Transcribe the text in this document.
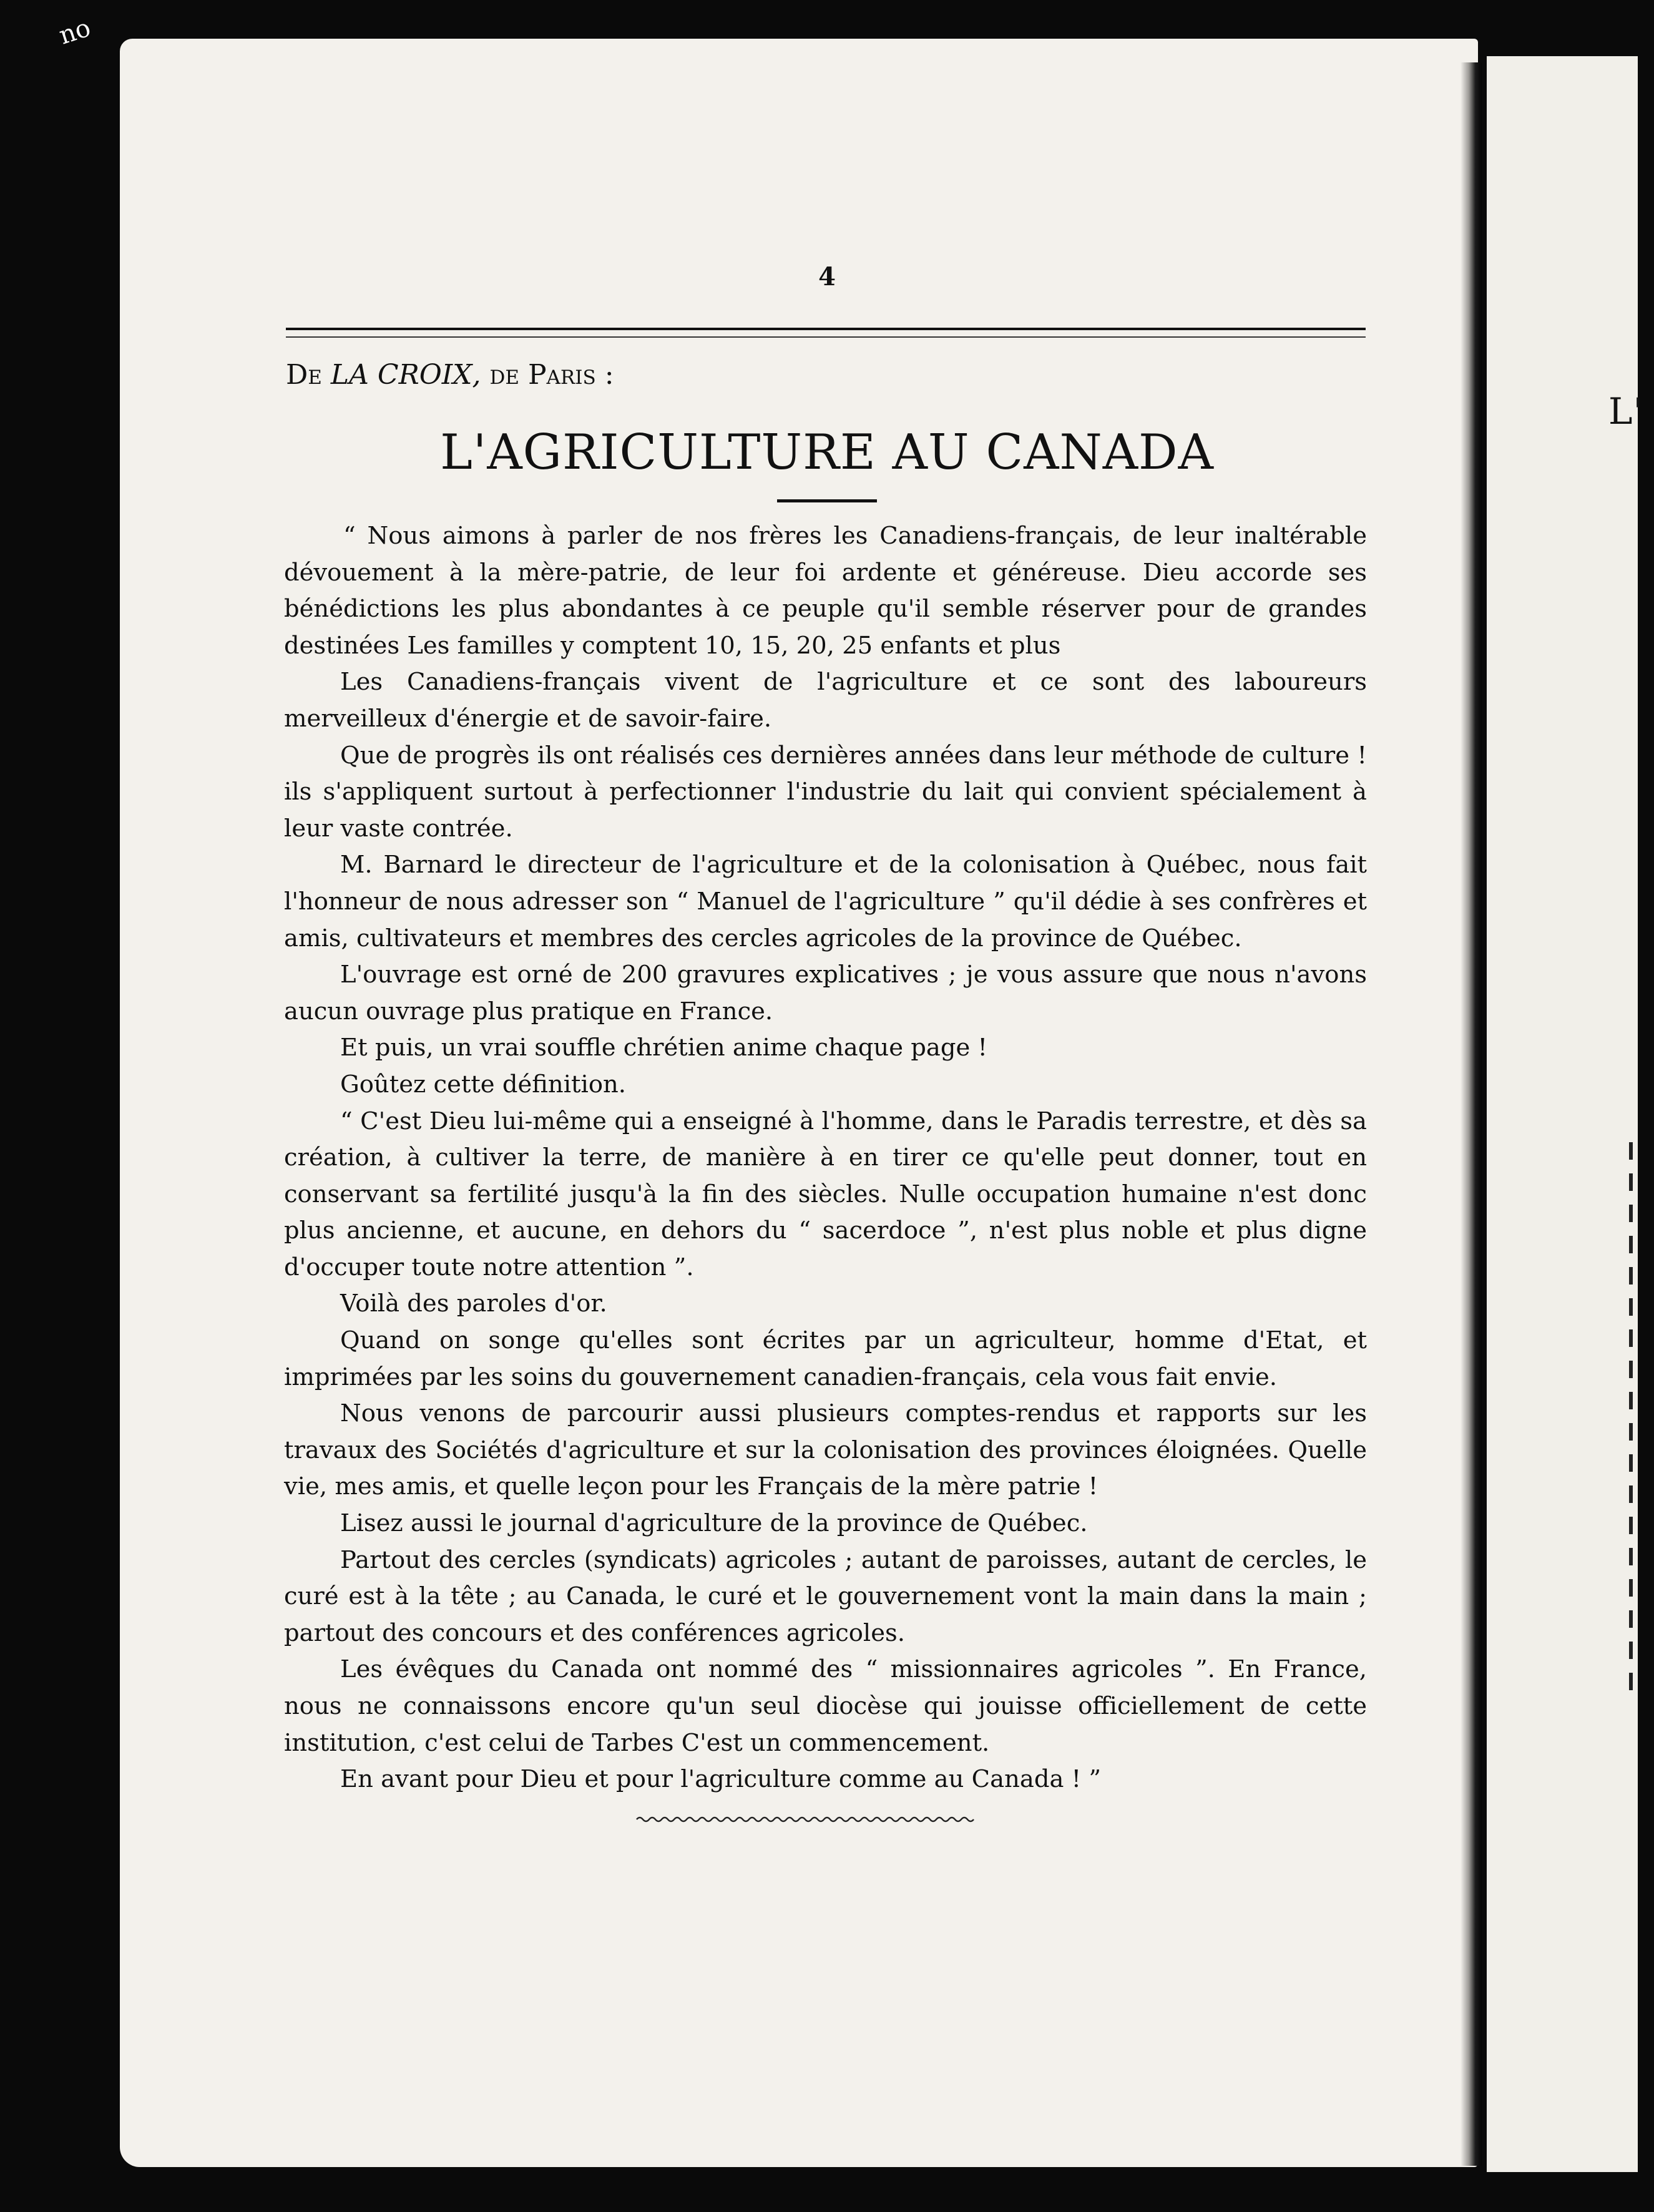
no
L'
4
De LA CROIX, de Paris :
L'AGRICULTURE AU CANADA

“ Nous aimons à parler de nos frères les Canadiens-français, de leur inaltérable dévouement à la mère-patrie, de leur foi ardente et généreuse. Dieu accorde ses bénédictions les plus abondantes à ce peuple qu'il semble réserver pour de grandes destinées Les familles y comptent 10, 15, 20, 25 enfants et plus

Les Canadiens-français vivent de l'agriculture et ce sont des laboureurs merveilleux d'énergie et de savoir-faire.

Que de progrès ils ont réalisés ces dernières années dans leur méthode de culture ! ils s'appliquent surtout à perfectionner l'industrie du lait qui convient spécialement à leur vaste contrée.

M. Barnard le directeur de l'agriculture et de la colonisation à Québec, nous fait l'honneur de nous adresser son “ Manuel de l'agriculture ” qu'il dédie à ses confrères et amis, cultivateurs et membres des cercles agricoles de la province de Québec.

L'ouvrage est orné de 200 gravures explicatives ; je vous assure que nous n'avons aucun ouvrage plus pratique en France.

Et puis, un vrai souffle chrétien anime chaque page !

Goûtez cette définition.

“ C'est Dieu lui-même qui a enseigné à l'homme, dans le Paradis terrestre, et dès sa création, à cultiver la terre, de manière à en tirer ce qu'elle peut donner, tout en conservant sa fertilité jusqu'à la fin des siècles. Nulle occupation humaine n'est donc plus ancienne, et aucune, en dehors du “ sacerdoce ”, n'est plus noble et plus digne d'occuper toute notre attention ”.

Voilà des paroles d'or.

Quand on songe qu'elles sont écrites par un agriculteur, homme d'Etat, et imprimées par les soins du gouvernement canadien-français, cela vous fait envie.

Nous venons de parcourir aussi plusieurs comptes-rendus et rapports sur les travaux des Sociétés d'agriculture et sur la colonisation des provinces éloignées. Quelle vie, mes amis, et quelle leçon pour les Français de la mère patrie !

Lisez aussi le journal d'agriculture de la province de Québec.

Partout des cercles (syndicats) agricoles ; autant de paroisses, autant de cercles, le curé est à la tête ; au Canada, le curé et le gouvernement vont la main dans la main ; partout des concours et des conférences agricoles.

Les évêques du Canada ont nommé des “ missionnaires agricoles ”. En France, nous ne connaissons encore qu'un seul diocèse qui jouisse officiellement de cette institution, c'est celui de Tarbes C'est un commencement.

En avant pour Dieu et pour l'agriculture comme au Canada ! ”
